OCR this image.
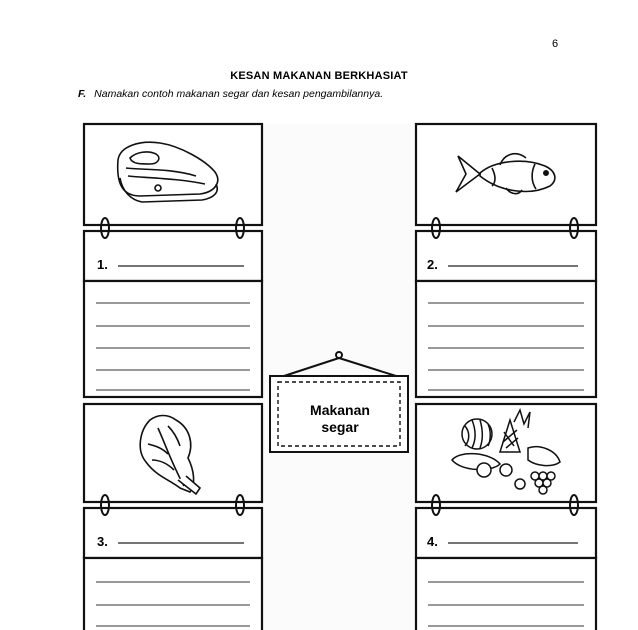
6
KESAN MAKANAN BERKHASIAT
F. Namakan contoh makanan segar dan kesan pengambilannya.
Makanan
segar
1.	2.
3.	4.
